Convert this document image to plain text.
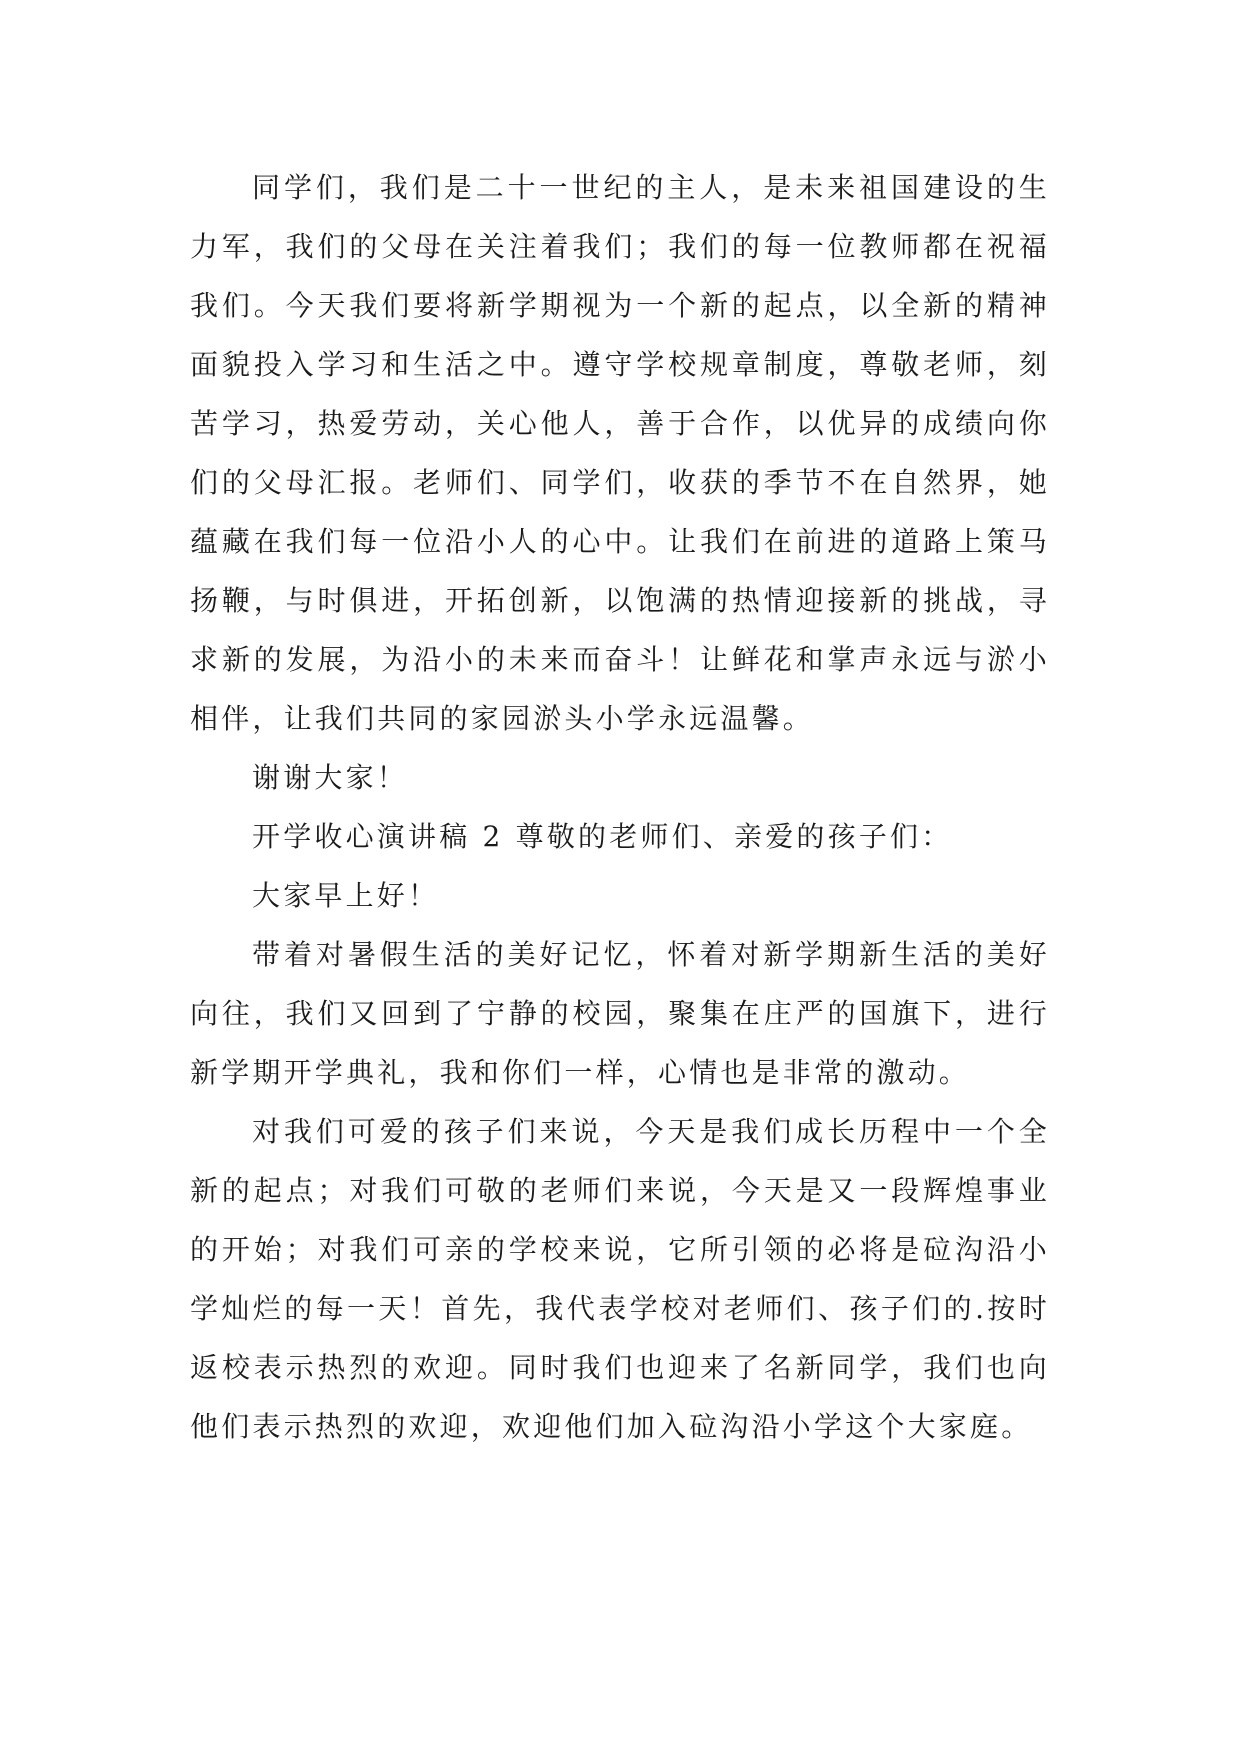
同学们，我们是二十一世纪的主人，是未来祖国建设的生力军，我们的父母在关注着我们；我们的每一位教师都在祝福我们。今天我们要将新学期视为一个新的起点，以全新的精神面貌投入学习和生活之中。遵守学校规章制度，尊敬老师，刻苦学习，热爱劳动，关心他人，善于合作，以优异的成绩向你们的父母汇报。老师们、同学们，收获的季节不在自然界，她蕴藏在我们每一位沿小人的心中。让我们在前进的道路上策马扬鞭，与时俱进，开拓创新，以饱满的热情迎接新的挑战，寻求新的发展，为沿小的未来而奋斗！让鲜花和掌声永远与淤小相伴，让我们共同的家园淤头小学永远温馨。

谢谢大家！

开学收心演讲稿 2 尊敬的老师们、亲爱的孩子们：

大家早上好！

带着对暑假生活的美好记忆，怀着对新学期新生活的美好向往，我们又回到了宁静的校园，聚集在庄严的国旗下，进行新学期开学典礼，我和你们一样，心情也是非常的激动。

对我们可爱的孩子们来说，今天是我们成长历程中一个全新的起点；对我们可敬的老师们来说，今天是又一段辉煌事业的开始；对我们可亲的学校来说，它所引领的必将是砬沟沿小学灿烂的每一天！首先，我代表学校对老师们、孩子们的.按时返校表示热烈的欢迎。同时我们也迎来了名新同学，我们也向他们表示热烈的欢迎，欢迎他们加入砬沟沿小学这个大家庭。
